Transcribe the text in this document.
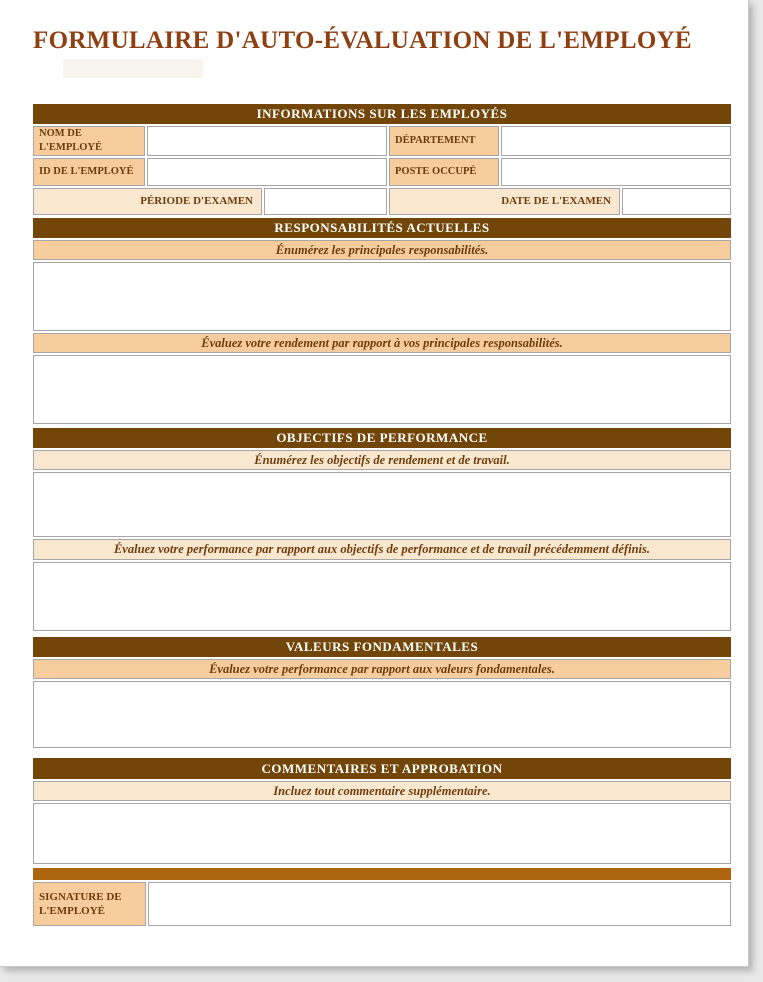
FORMULAIRE D'AUTO-ÉVALUATION DE L'EMPLOYÉ
INFORMATIONS SUR LES EMPLOYÉS
NOM DE L'EMPLOYÉ
DÉPARTEMENT
ID DE L'EMPLOYÉ	POSTE OCCUPÉ
PÉRIODE D'EXAMEN	DATE DE L'EXAMEN
RESPONSABILITÉS ACTUELLES
Énumérez les principales responsabilités.
Évaluez votre rendement par rapport à vos principales responsabilités.
OBJECTIFS DE PERFORMANCE
Énumérez les objectifs de rendement et de travail.
Évaluez votre performance par rapport aux objectifs de performance et de travail précédemment définis.
VALEURS FONDAMENTALES
Évaluez votre performance par rapport aux valeurs fondamentales.
COMMENTAIRES ET APPROBATION
Incluez tout commentaire supplémentaire.
SIGNATURE DE L'EMPLOYÉ
